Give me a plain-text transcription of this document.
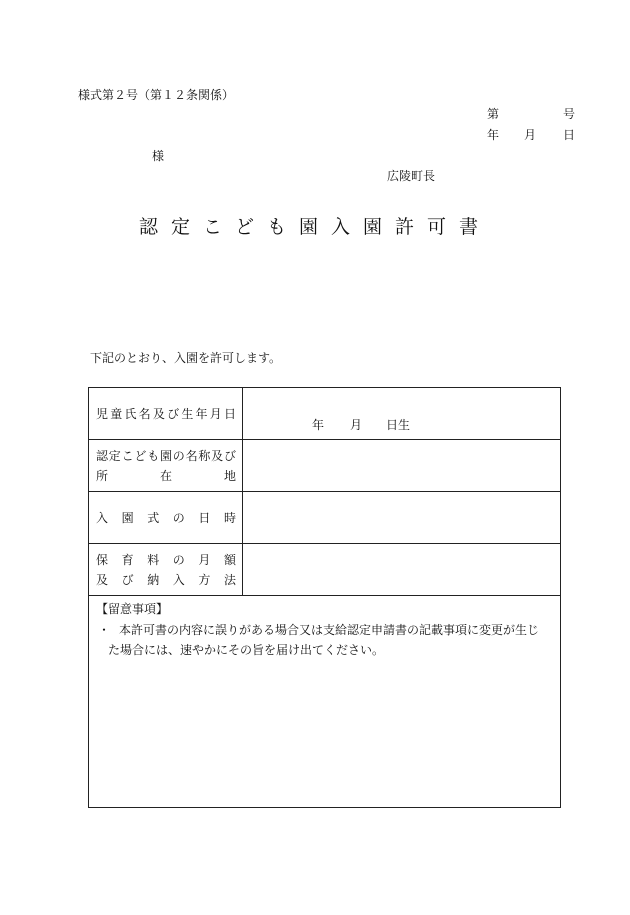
様式第２号（第１２条関係）
第	号
年 月 日
様
広陵町長
認定こども園入園許可書
下記のとおり、入園を許可します。
児 童 氏 名 及 び 生 年 月 日
年 月 日生
認 定 こ ど も 園 の 名 称 及 び
所	在	地
入 園 式 の 日 時
保 育 料 の 月 額
及 び 納 入 方 法
【留意事項】
・ 本許可書の内容に誤りがある場合又は支給認定申請書の記載事項に変更が生じ
た場合には、速やかにその旨を届け出てください。
